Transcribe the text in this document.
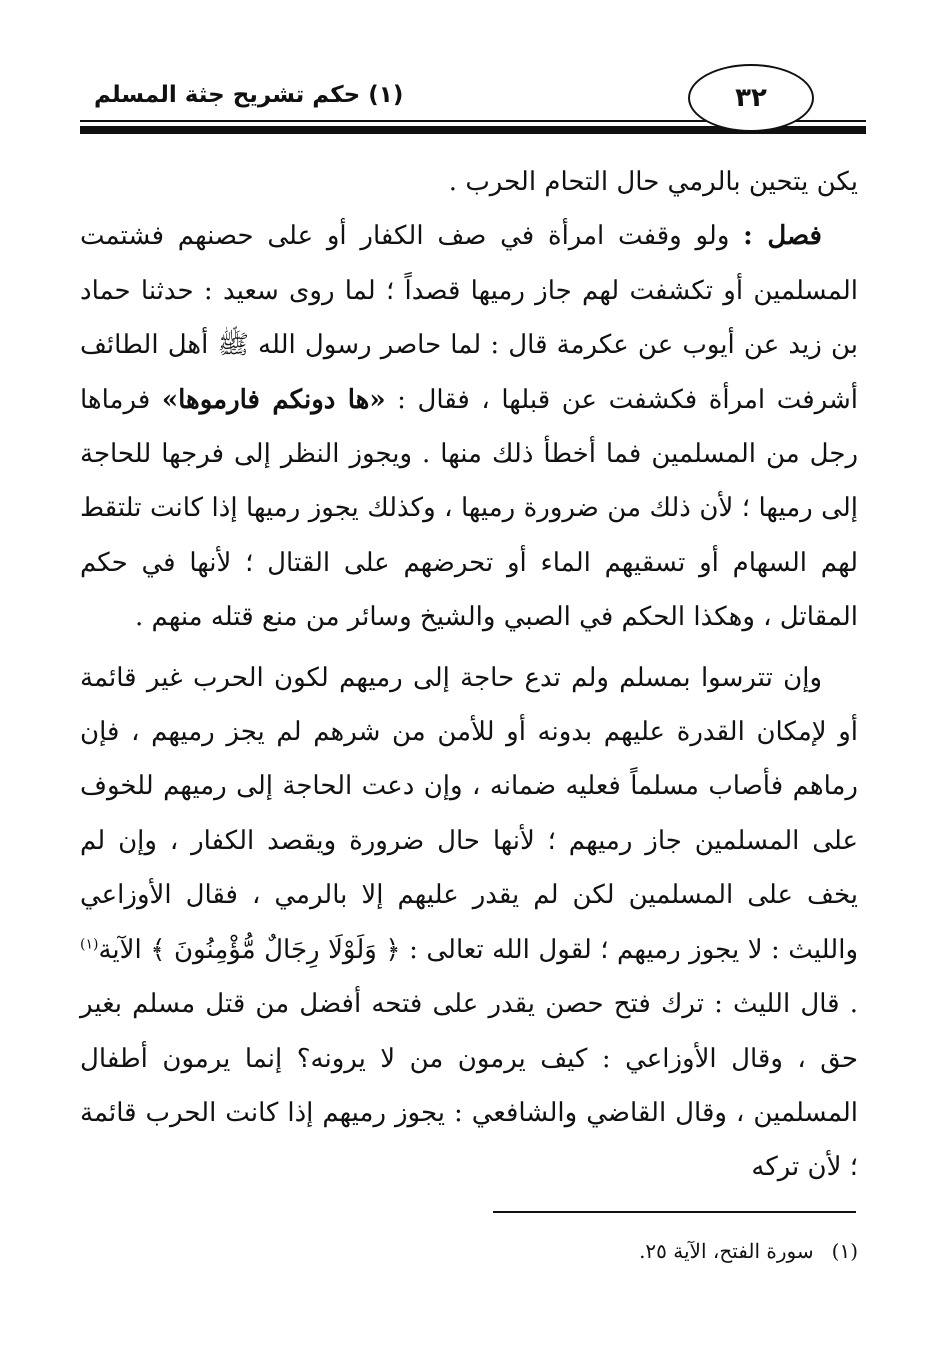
(١) حكم تشريح جثة المسلم	٣٢

يكن يتحين بالرمي حال التحام الحرب .

فصل : ولو وقفت امرأة في صف الكفار أو على حصنهم فشتمت المسلمين أو تكشفت لهم جاز رميها قصداً ؛ لما روى سعيد : حدثنا حماد بن زيد عن أيوب عن عكرمة قال : لما حاصر رسول الله ﷺ أهل الطائف أشرفت امرأة فكشفت عن قبلها ، فقال : «ها دونكم فارموها» فرماها رجل من المسلمين فما أخطأ ذلك منها . ويجوز النظر إلى فرجها للحاجة إلى رميها ؛ لأن ذلك من ضرورة رميها ، وكذلك يجوز رميها إذا كانت تلتقط لهم السهام أو تسقيهم الماء أو تحرضهم على القتال ؛ لأنها في حكم المقاتل ، وهكذا الحكم في الصبي والشيخ وسائر من منع قتله منهم .

وإن تترسوا بمسلم ولم تدع حاجة إلى رميهم لكون الحرب غير قائمة أو لإمكان القدرة عليهم بدونه أو للأمن من شرهم لم يجز رميهم ، فإن رماهم فأصاب مسلماً فعليه ضمانه ، وإن دعت الحاجة إلى رميهم للخوف على المسلمين جاز رميهم ؛ لأنها حال ضرورة ويقصد الكفار ، وإن لم يخف على المسلمين لكن لم يقدر عليهم إلا بالرمي ، فقال الأوزاعي والليث : لا يجوز رميهم ؛ لقول الله تعالى : ﴿ وَلَوْلَا رِجَالٌ مُّؤْمِنُونَ ﴾ الآية$^{(١)}$ . قال الليث : ترك فتح حصن يقدر على فتحه أفضل من قتل مسلم بغير حق ، وقال الأوزاعي : كيف يرمون من لا يرونه؟ إنما يرمون أطفال المسلمين ، وقال القاضي والشافعي : يجوز رميهم إذا كانت الحرب قائمة ؛ لأن تركه

(١)سورة الفتح، الآية ٢٥.
